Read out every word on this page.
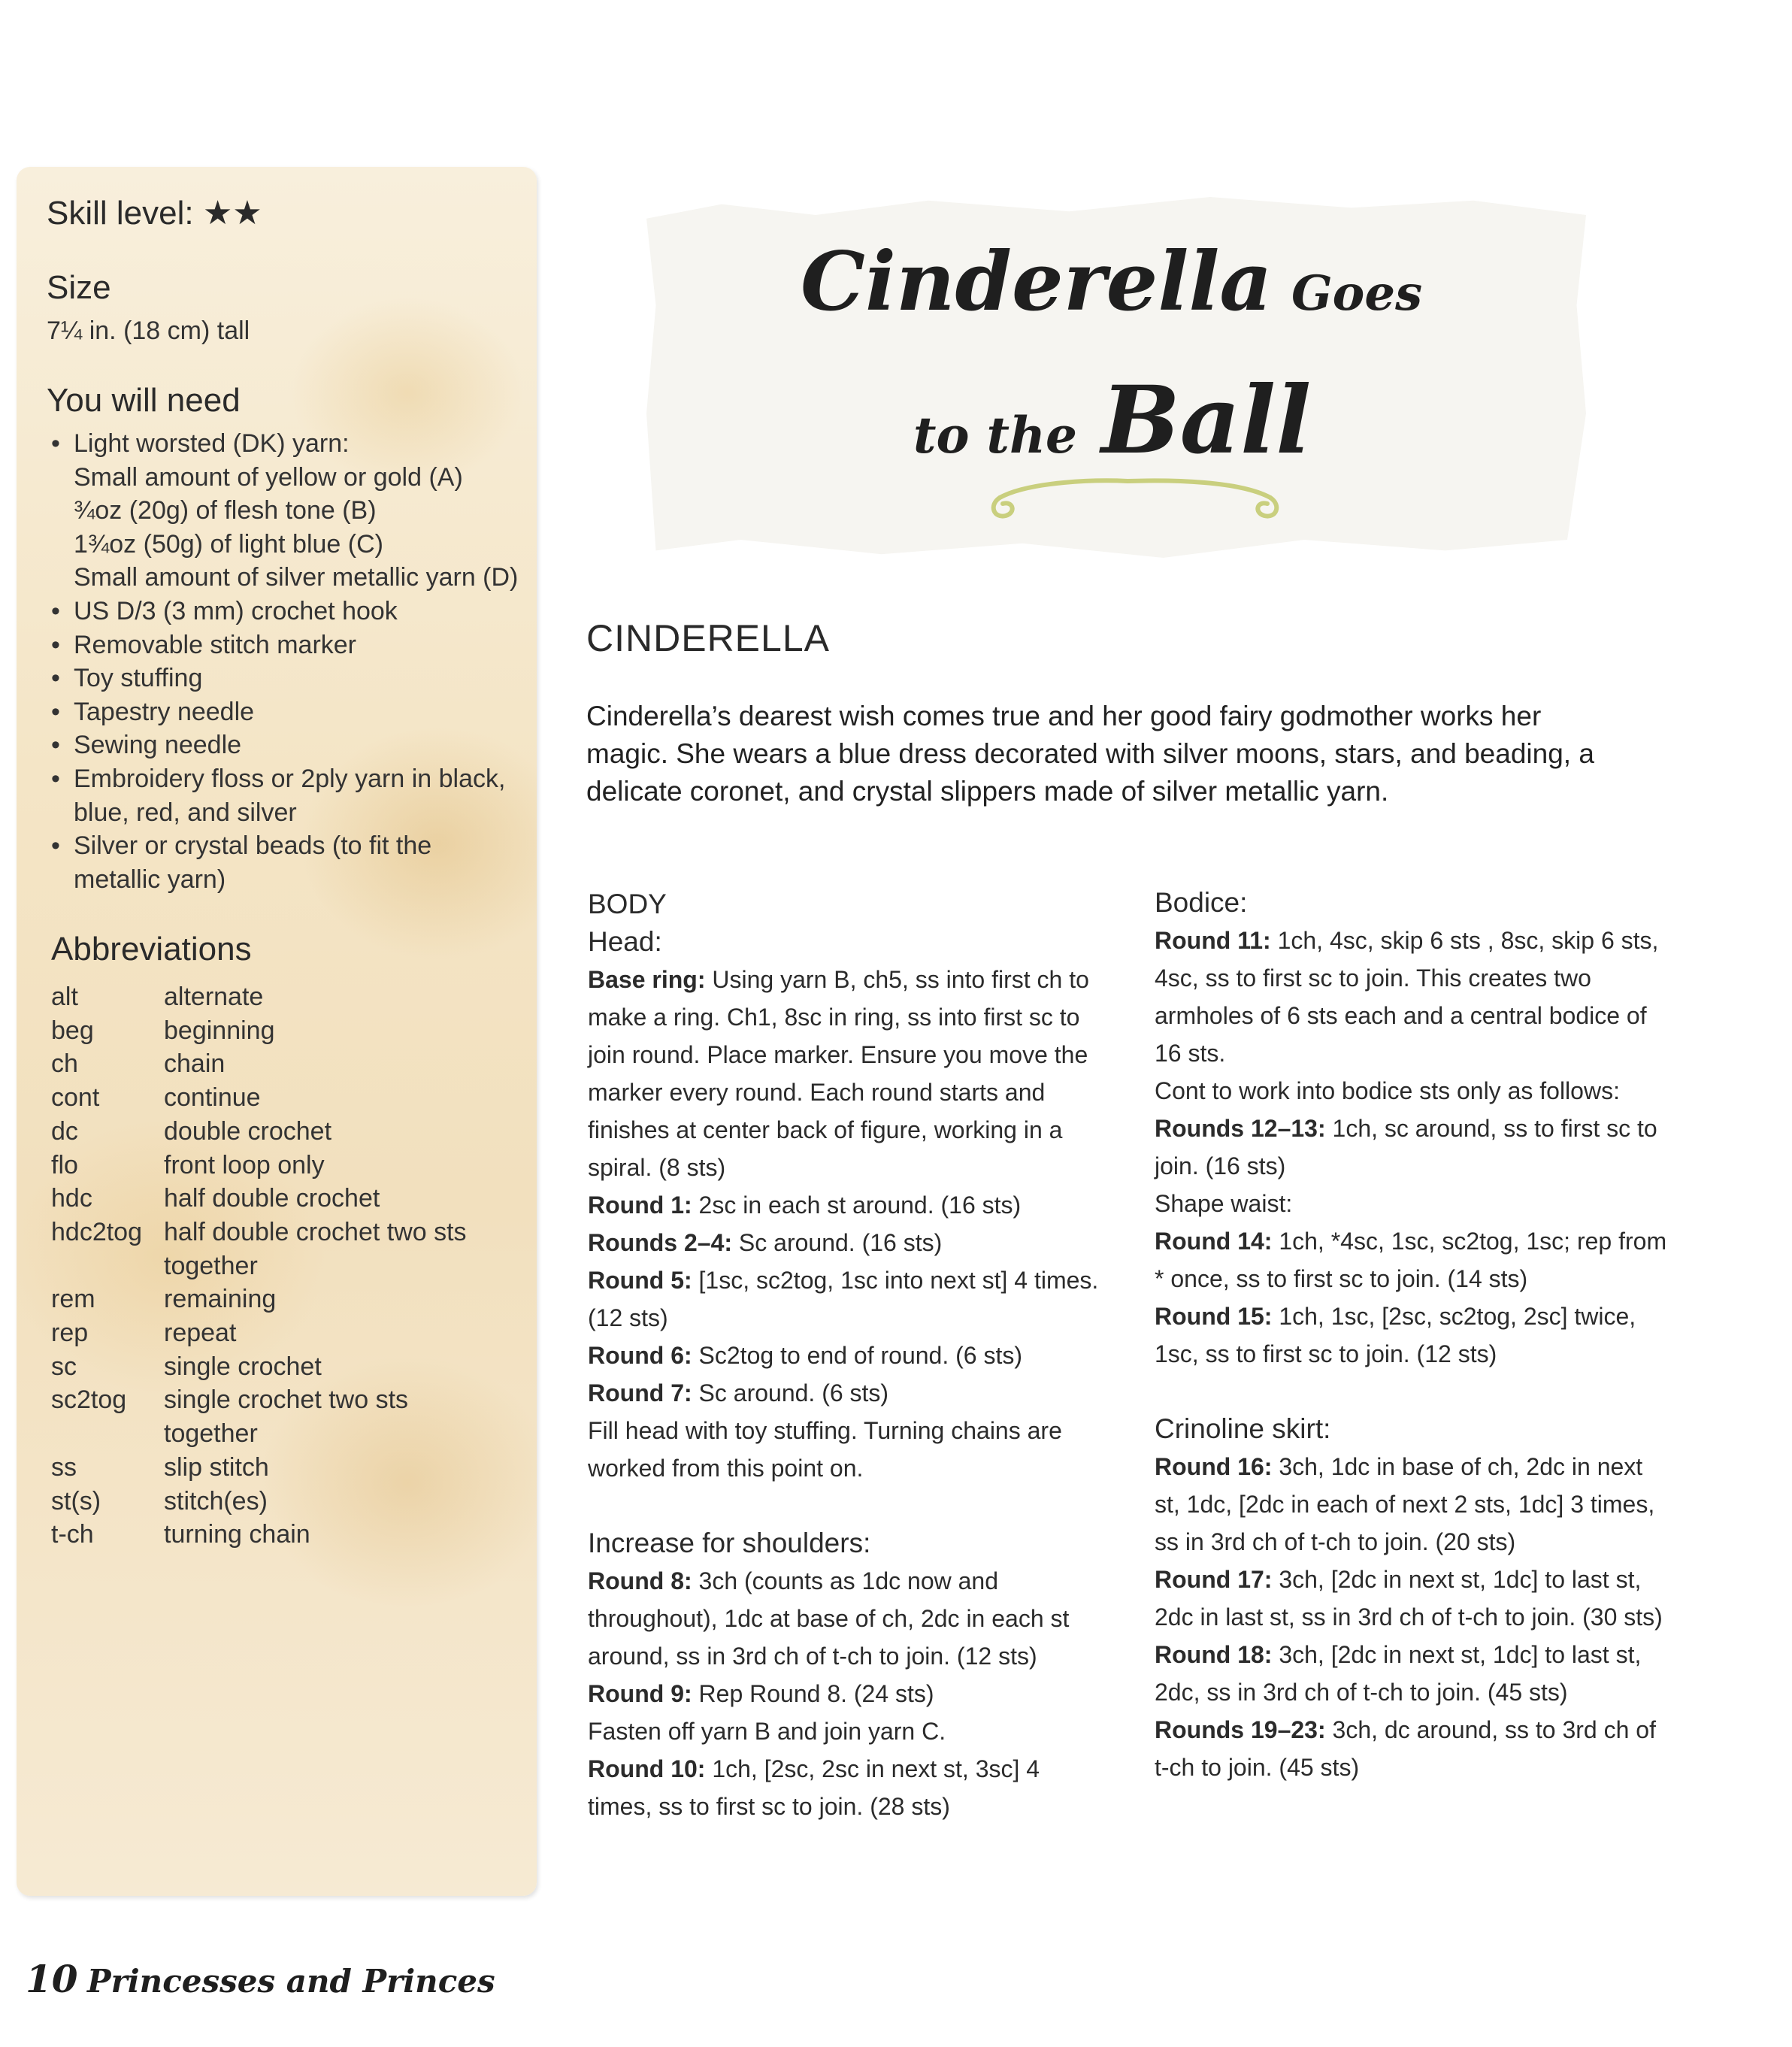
Skill level: ★★
Size
7¼ in. (18 cm) tall
You will need
• Light worsted (DK) yarn:
Small amount of yellow or gold (A)
¾oz (20g) of flesh tone (B)
1¾oz (50g) of light blue (C)
Small amount of silver metallic yarn (D)
• US D/3 (3 mm) crochet hook
• Removable stitch marker
• Toy stuffing
• Tapestry needle
• Sewing needle
• Embroidery floss or 2ply yarn in black, blue, red, and silver
• Silver or crystal beads (to fit the metallic yarn)
Abbreviations
alt	alternate
beg	beginning
ch	chain
cont	continue
dc	double crochet
flo	front loop only
hdc	half double crochet
hdc2tog half double crochet two sts together
rem	remaining
rep	repeat
sc	single crochet
sc2tog	single crochet two sts together
ss	slip stitch
st(s)	stitch(es)
t-ch	turning chain
Cinderella Goes
to the Ball
CINDERELLA

Cinderella’s dearest wish comes true and her good fairy godmother works her magic. She wears a blue dress decorated with silver moons, stars, and beading, a delicate coronet, and crystal slippers made of silver metallic yarn.

BODY

Head:

Base ring: Using yarn B, ch5, ss into first ch to make a ring. Ch1, 8sc in ring, ss into first sc to join round. Place marker. Ensure you move the marker every round. Each round starts and finishes at center back of figure, working in a spiral. (8 sts)

Round 1: 2sc in each st around. (16 sts)

Rounds 2–4: Sc around. (16 sts)

Round 5: [1sc, sc2tog, 1sc into next st] 4 times. (12 sts)

Round 6: Sc2tog to end of round. (6 sts)

Round 7: Sc around. (6 sts)

Fill head with toy stuffing. Turning chains are worked from this point on.

Increase for shoulders:

Round 8: 3ch (counts as 1dc now and throughout), 1dc at base of ch, 2dc in each st around, ss in 3rd ch of t-ch to join. (12 sts)

Round 9: Rep Round 8. (24 sts)

Fasten off yarn B and join yarn C.

Round 10: 1ch, [2sc, 2sc in next st, 3sc] 4 times, ss to first sc to join. (28 sts)

Bodice:

Round 11: 1ch, 4sc, skip 6 sts , 8sc, skip 6 sts, 4sc, ss to first sc to join. This creates two armholes of 6 sts each and a central bodice of 16 sts.

Cont to work into bodice sts only as follows:

Rounds 12–13: 1ch, sc around, ss to first sc to join. (16 sts)

Shape waist:

Round 14: 1ch, *4sc, 1sc, sc2tog, 1sc; rep from * once, ss to first sc to join. (14 sts)

Round 15: 1ch, 1sc, [2sc, sc2tog, 2sc] twice, 1sc, ss to first sc to join. (12 sts)

Crinoline skirt:

Round 16: 3ch, 1dc in base of ch, 2dc in next st, 1dc, [2dc in each of next 2 sts, 1dc] 3 times, ss in 3rd ch of t-ch to join. (20 sts)

Round 17: 3ch, [2dc in next st, 1dc] to last st, 2dc in last st, ss in 3rd ch of t-ch to join. (30 sts)

Round 18: 3ch, [2dc in next st, 1dc] to last st, 2dc, ss in 3rd ch of t-ch to join. (45 sts)

Rounds 19–23: 3ch, dc around, ss to 3rd ch of t-ch to join. (45 sts)

10 Princesses and Princes
